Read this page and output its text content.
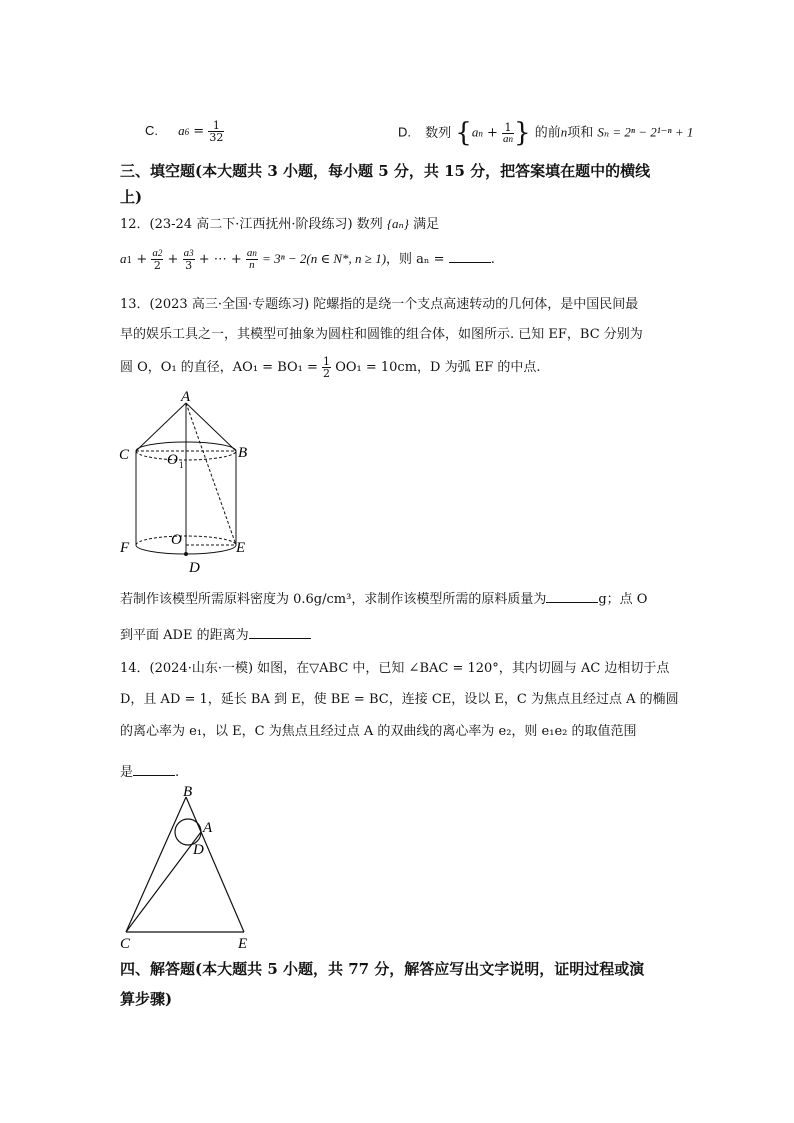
C. $a6 = \frac{1}{32}$	D. 数列 {$an + \frac{1}{an}$ } 的前n项和 Sₙ = 2ⁿ − 2¹⁻ⁿ + 1
三、填空题(本大题共 3 小题，每小题 5 分，共 15 分，把答案填在题中的横线
上)
12．(23-24 高二下·江西抚州·阶段练习) 数列 {aₙ} 满足
$a1 + \frac{a2}{2} + \frac{a3}{3}$ + ⋯ + $\frac{an}{n} = 3^n - 2(n$ ∈ N*, n ≥ 1)，则 aₙ =	.
13．(2023 高三·全国·专题练习) 陀螺指的是绕一个支点高速转动的几何体，是中国民间最
早的娱乐工具之一，其模型可抽象为圆柱和圆锥的组合体，如图所示. 已知 EF，BC 分别为
圆 O，O₁ 的直径，$AO_1 = BO_1 = \frac{1}{2} OO_1 = 10cm$，D 为弧 EF 的中点.
A
C	B
O 1
O
F	E
D
若制作该模型所需原料密度为 0.6g/cm³，求制作该模型所需的原料质量为	g；点 O
到平面 ADE 的距离为
14．(2024·山东·一模) 如图，在▽ABC 中，已知 ∠BAC = 120°，其内切圆与 AC 边相切于点
D，且 AD = 1，延长 BA 到 E，使 BE = BC，连接 CE，设以 E，C 为焦点且经过点 A 的椭圆
的离心率为 e₁，以 E，C 为焦点且经过点 A 的双曲线的离心率为 e₂，则 e₁e₂ 的取值范围
是	.
B
A
D
C	E
四、解答题(本大题共 5 小题，共 77 分，解答应写出文字说明，证明过程或演
算步骤)
